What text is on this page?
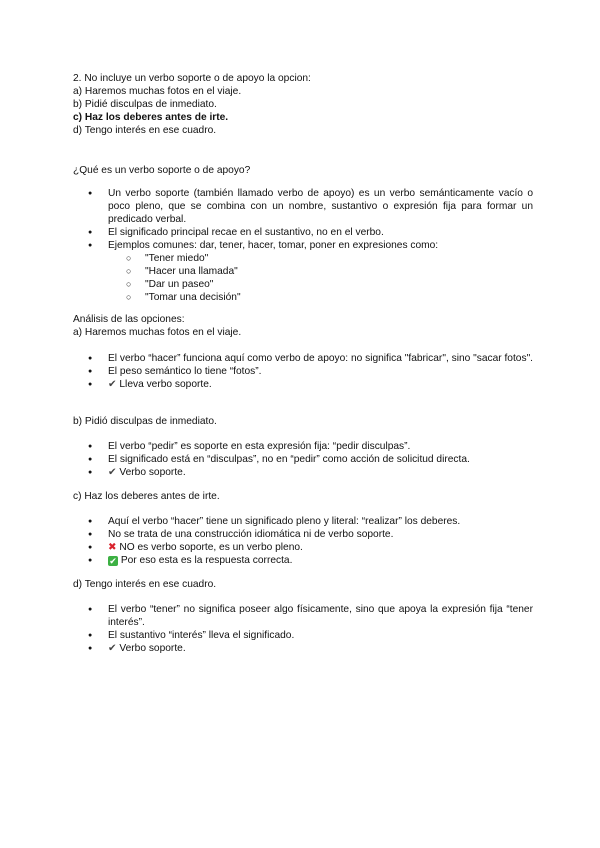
2. No incluye un verbo soporte o de apoyo la opcion:
a) Haremos muchas fotos en el viaje.
b) Pidié disculpas de inmediato.
c) Haz los deberes antes de irte.
d) Tengo interés en ese cuadro.
¿Qué es un verbo soporte o de apoyo?
● Un verbo soporte (también llamado verbo de apoyo) es un verbo semánticamente vacío o poco pleno, que se combina con un nombre, sustantivo o expresión fija para formar un predicado verbal.
● El significado principal recae en el sustantivo, no en el verbo.
● Ejemplos comunes: dar, tener, hacer, tomar, poner en expresiones como:
○ "Tener miedo"
○ "Hacer una llamada"
○ "Dar un paseo"
○ "Tomar una decisión"
Análisis de las opciones:
a) Haremos muchas fotos en el viaje.
● El verbo “hacer” funciona aquí como verbo de apoyo: no significa "fabricar", sino "sacar fotos".
● El peso semántico lo tiene “fotos”.
● ✔ Lleva verbo soporte.
b) Pidió disculpas de inmediato.
● El verbo “pedir” es soporte en esta expresión fija: “pedir disculpas”.
● El significado está en “disculpas”, no en “pedir” como acción de solicitud directa.
● ✔ Verbo soporte.
c) Haz los deberes antes de irte.
● Aquí el verbo “hacer” tiene un significado pleno y literal: “realizar” los deberes.
● No se trata de una construcción idiomática ni de verbo soporte.
● ✖ NO es verbo soporte, es un verbo pleno.
● ✔ Por eso esta es la respuesta correcta.
d) Tengo interés en ese cuadro.
● El verbo “tener” no significa poseer algo físicamente, sino que apoya la expresión fija “tener interés”.
● El sustantivo “interés” lleva el significado.
● ✔ Verbo soporte.
